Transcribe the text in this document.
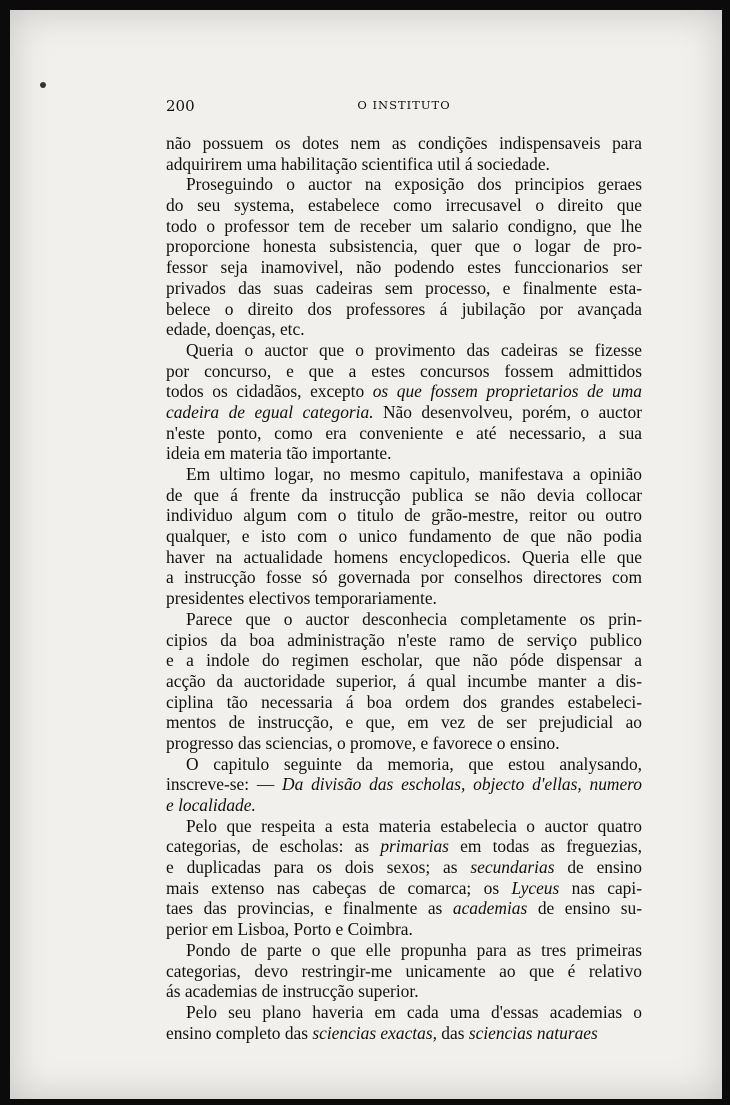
200	O INSTITUTO
não possuem os dotes nem as condições indispensaveis para
adquirirem uma habilitação scientifica util á sociedade.
Proseguindo o auctor na exposição dos principios geraes
do seu systema, estabelece como irrecusavel o direito que
todo o professor tem de receber um salario condigno, que lhe
proporcione honesta subsistencia, quer que o logar de pro-
fessor seja inamovivel, não podendo estes funccionarios ser
privados das suas cadeiras sem processo, e finalmente esta-
belece o direito dos professores á jubilação por avançada
edade, doenças, etc.
Queria o auctor que o provimento das cadeiras se fizesse
por concurso, e que a estes concursos fossem admittidos
todos os cidadãos, excepto os que fossem proprietarios de uma
cadeira de egual categoria. Não desenvolveu, porém, o auctor
n'este ponto, como era conveniente e até necessario, a sua
ideia em materia tão importante.
Em ultimo logar, no mesmo capitulo, manifestava a opinião
de que á frente da instrucção publica se não devia collocar
individuo algum com o titulo de grão-mestre, reitor ou outro
qualquer, e isto com o unico fundamento de que não podia
haver na actualidade homens encyclopedicos. Queria elle que
a instrucção fosse só governada por conselhos directores com
presidentes electivos temporariamente.
Parece que o auctor desconhecia completamente os prin-
cipios da boa administração n'este ramo de serviço publico
e a indole do regimen escholar, que não póde dispensar a
acção da auctoridade superior, á qual incumbe manter a dis-
ciplina tão necessaria á boa ordem dos grandes estabeleci-
mentos de instrucção, e que, em vez de ser prejudicial ao
progresso das sciencias, o promove, e favorece o ensino.
O capitulo seguinte da memoria, que estou analysando,
inscreve-se: — Da divisão das escholas, objecto d'ellas, numero
e localidade.
Pelo que respeita a esta materia estabelecia o auctor quatro
categorias, de escholas: as primarias em todas as freguezias,
e duplicadas para os dois sexos; as secundarias de ensino
mais extenso nas cabeças de comarca; os Lyceus nas capi-
taes das provincias, e finalmente as academias de ensino su-
perior em Lisboa, Porto e Coimbra.
Pondo de parte o que elle propunha para as tres primeiras
categorias, devo restringir-me unicamente ao que é relativo
ás academias de instrucção superior.
Pelo seu plano haveria em cada uma d'essas academias o
ensino completo das sciencias exactas, das sciencias naturaes
